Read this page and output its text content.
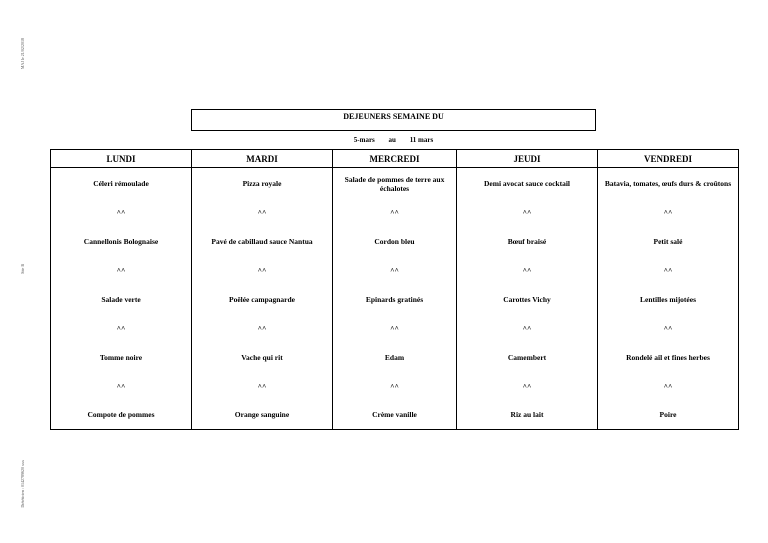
MAJ le 21/02/2018
Site B
Diététicien : 0142789620 xxx
DEJEUNERS SEMAINE DU
5-mars au 11 mars
LUNDI	MARDI	MERCREDI	JEUDI	VENDREDI
Céleri rémoulade	Pizza royale	Salade de pommes de terre aux échalotes	Demi avocat sauce cocktail	Batavia, tomates, œufs durs & croûtons
^^	^^	^^	^^	^^
Cannellonis Bolognaise	Pavé de cabillaud sauce Nantua	Cordon bleu	Bœuf braisé	Petit salé
^^	^^	^^	^^	^^
Salade verte	Poêlée campagnarde	Epinards gratinés	Carottes Vichy	Lentilles mijotées
^^	^^	^^	^^	^^
Tomme noire	Vache qui rit	Edam	Camembert	Rondelé ail et fines herbes
^^	^^	^^	^^	^^
Compote de pommes	Orange sanguine	Crème vanille	Riz au lait	Poire
